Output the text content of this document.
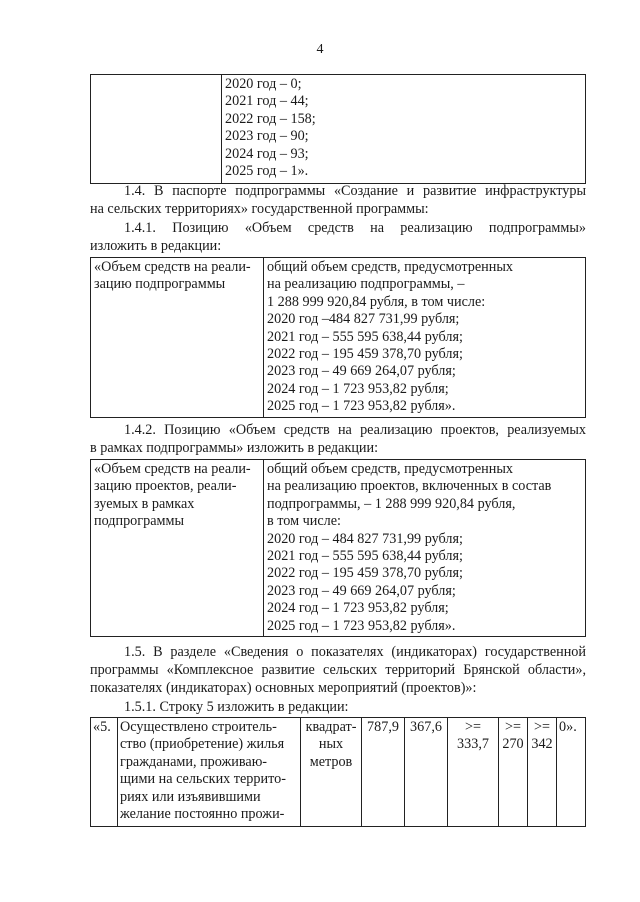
4

2020 год – 0;
2021 год – 44;
2022 год – 158;
2023 год – 90;
2024 год – 93;
2025 год – 1».
1.4. В паспорте подпрограммы «Создание и развитие инфраструктуры
на сельских территориях» государственной программы:
1.4.1. Позицию «Объем средств на реализацию подпрограммы»
изложить в редакции:
«Объем средств на реали-
зацию подпрограммы

общий объем средств, предусмотренных
на реализацию подпрограммы, –
1 288 999 920,84 рубля, в том числе:
2020 год –484 827 731,99 рубля;
2021 год – 555 595 638,44 рубля;
2022 год – 195 459 378,70 рубля;
2023 год – 49 669 264,07 рубля;
2024 год – 1 723 953,82 рубля;
2025 год – 1 723 953,82 рубля».
1.4.2. Позицию «Объем средств на реализацию проектов, реализуемых
в рамках подпрограммы» изложить в редакции:
«Объем средств на реали-
зацию проектов, реали-
зуемых в рамках
подпрограммы

общий объем средств, предусмотренных
на реализацию проектов, включенных в состав
подпрограммы, – 1 288 999 920,84 рубля,
в том числе:
2020 год – 484 827 731,99 рубля;
2021 год – 555 595 638,44 рубля;
2022 год – 195 459 378,70 рубля;
2023 год – 49 669 264,07 рубля;
2024 год – 1 723 953,82 рубля;
2025 год – 1 723 953,82 рубля».
1.5. В разделе «Сведения о показателях (индикаторах) государственной
программы «Комплексное развитие сельских территорий Брянской области»,
показателях (индикаторах) основных мероприятий (проектов)»:
1.5.1. Строку 5 изложить в редакции:
«5.	Осуществлено строитель-
ство (приобретение) жилья
гражданами, проживаю-
щими на сельских террито-
риях или изъявившими
желание постоянно прожи-

квадрат-
ных
метров

787,9	367,6	>=
333,7

>=
270

>=
342

0».
